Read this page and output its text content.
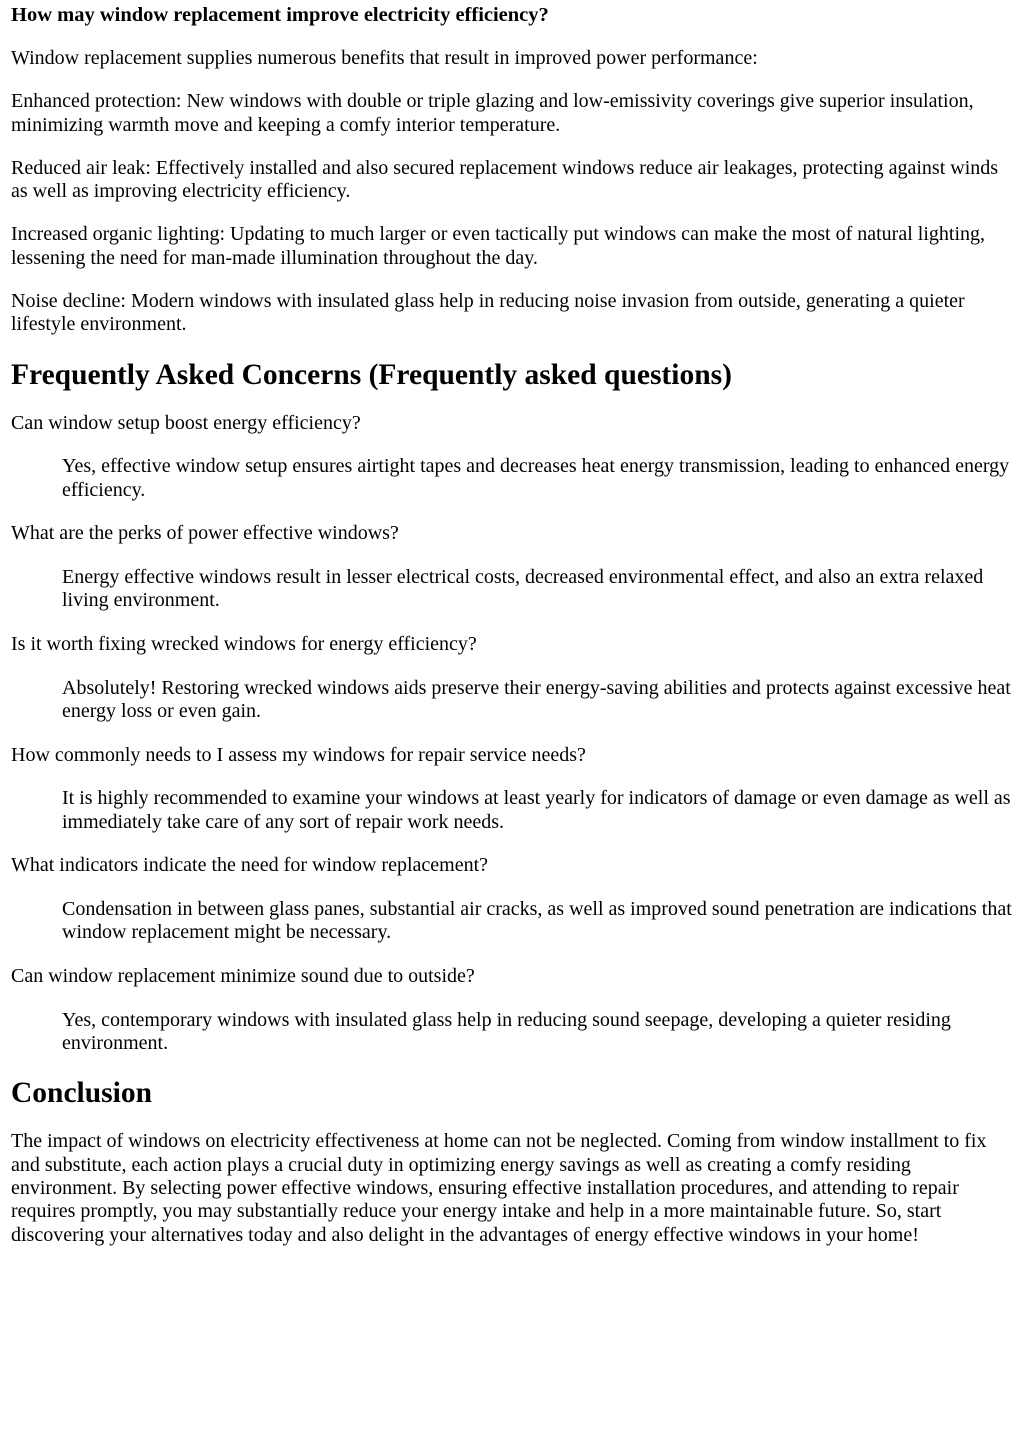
How may window replacement improve electricity efficiency?

Window replacement supplies numerous benefits that result in improved power performance:

Enhanced protection: New windows with double or triple glazing and low-emissivity coverings give superior insulation, minimizing warmth move and keeping a comfy interior temperature.

Reduced air leak: Effectively installed and also secured replacement windows reduce air leakages, protecting against winds as well as improving electricity efficiency.

Increased organic lighting: Updating to much larger or even tactically put windows can make the most of natural lighting, lessening the need for man-made illumination throughout the day.

Noise decline: Modern windows with insulated glass help in reducing noise invasion from outside, generating a quieter lifestyle environment.

Frequently Asked Concerns (Frequently asked questions)
Can window setup boost energy efficiency?
Yes, effective window setup ensures airtight tapes and decreases heat energy transmission, leading to enhanced energy efficiency.
What are the perks of power effective windows?
Energy effective windows result in lesser electrical costs, decreased environmental effect, and also an extra relaxed living environment.
Is it worth fixing wrecked windows for energy efficiency?
Absolutely! Restoring wrecked windows aids preserve their energy-saving abilities and protects against excessive heat energy loss or even gain.
How commonly needs to I assess my windows for repair service needs?
It is highly recommended to examine your windows at least yearly for indicators of damage or even damage as well as immediately take care of any sort of repair work needs.
What indicators indicate the need for window replacement?
Condensation in between glass panes, substantial air cracks, as well as improved sound penetration are indications that window replacement might be necessary.
Can window replacement minimize sound due to outside?
Yes, contemporary windows with insulated glass help in reducing sound seepage, developing a quieter residing environment.
Conclusion

The impact of windows on electricity effectiveness at home can not be neglected. Coming from window installment to fix and substitute, each action plays a crucial duty in optimizing energy savings as well as creating a comfy residing environment. By selecting power effective windows, ensuring effective installation procedures, and attending to repair requires promptly, you may substantially reduce your energy intake and help in a more maintainable future. So, start discovering your alternatives today and also delight in the advantages of energy effective windows in your home!
